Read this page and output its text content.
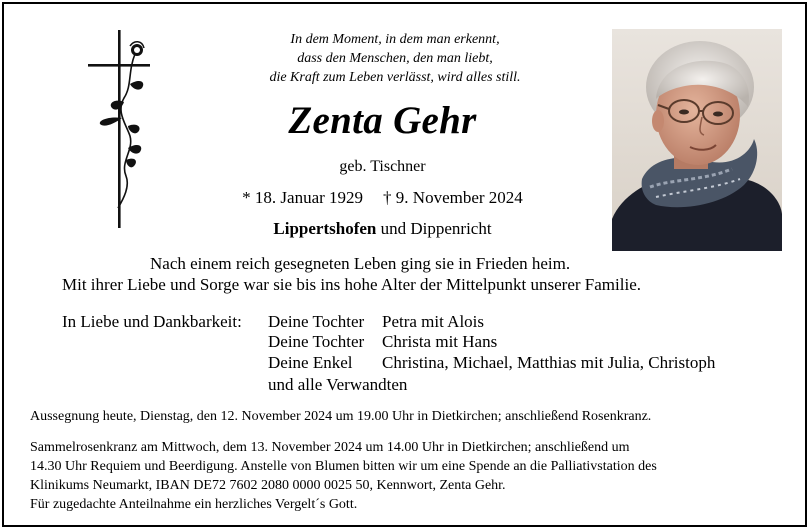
In dem Moment, in dem man erkennt,
dass den Menschen, den man liebt,
die Kraft zum Leben verlässt, wird alles still.
Zenta Gehr
geb. Tischner
* 18. Januar 1929 † 9. November 2024
Lippertshofen und Dippenricht
Nach einem reich gesegneten Leben ging sie in Frieden heim.
Mit ihrer Liebe und Sorge war sie bis ins hohe Alter der Mittelpunkt unserer Familie.
In Liebe und Dankbarkeit: Deine Tochter Petra mit Alois
Deine Tochter Christa mit Hans
Deine Enkel Christina, Michael, Matthias mit Julia, Christoph
und alle Verwandten
Aussegnung heute, Dienstag, den 12. November 2024 um 19.00 Uhr in Dietkirchen; anschließend Rosenkranz.
Sammelrosenkranz am Mittwoch, dem 13. November 2024 um 14.00 Uhr in Dietkirchen; anschließend um
14.30 Uhr Requiem und Beerdigung. Anstelle von Blumen bitten wir um eine Spende an die Palliativstation des
Klinikums Neumarkt, IBAN DE72 7602 2080 0000 0025 50, Kennwort, Zenta Gehr.
Für zugedachte Anteilnahme ein herzliches Vergelt´s Gott.
